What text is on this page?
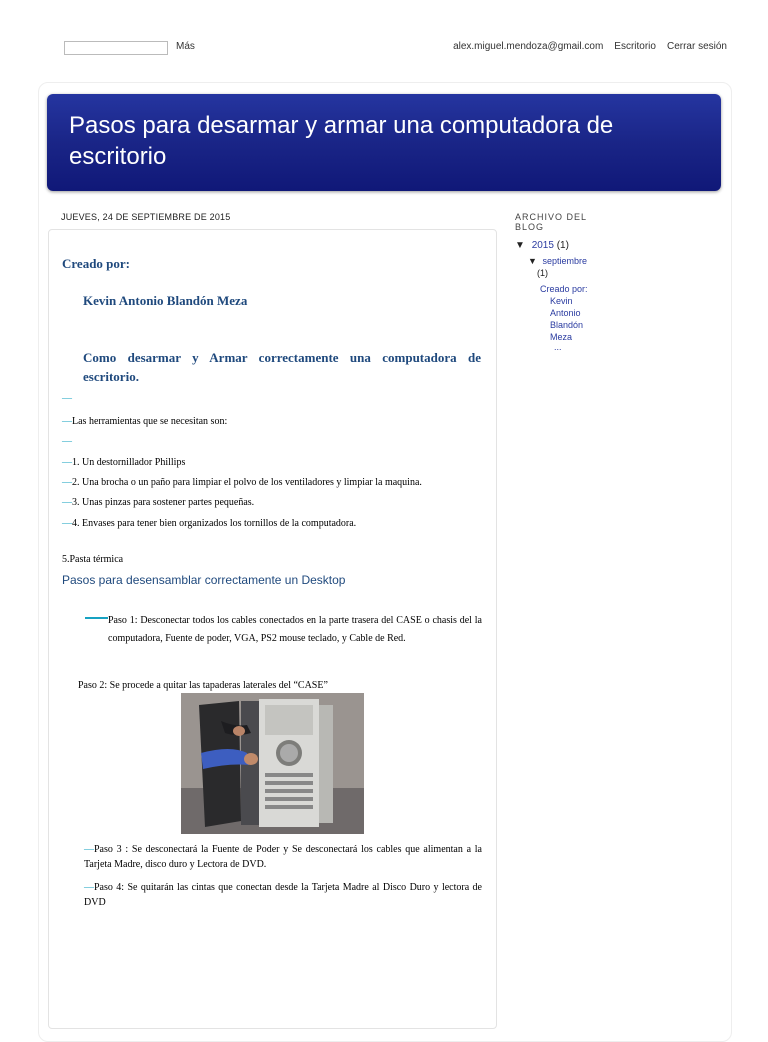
Más	alex.miguel.mendoza@gmail.com Escritorio Cerrar sesión
Pasos para desarmar y armar una computadora de escritorio
JUEVES, 24 DE SEPTIEMBRE DE 2015
Creado por:
Kevin Antonio Blandón Meza
Como desarmar y Armar correctamente una computadora de escritorio.
—
—Las herramientas que se necesitan son:
—
—1. Un destornillador Phillips
—2. Una brocha o un paño para limpiar el polvo de los ventiladores y limpiar la maquina.
—3. Unas pinzas para sostener partes pequeñas.
—4. Envases para tener bien organizados los tornillos de la computadora.
5.Pasta térmica
Pasos para desensamblar correctamente un Desktop
Paso 1: Desconectar todos los cables conectados en la parte trasera del CASE o chasis del la computadora, Fuente de poder, VGA, PS2 mouse teclado, y Cable de Red.
Paso 2: Se procede a quitar las tapaderas laterales del “CASE”
—Paso 3 : Se desconectará la Fuente de Poder y Se desconectará los cables que alimentan a la Tarjeta Madre, disco duro y Lectora de DVD.
—Paso 4: Se quitarán las cintas que conectan desde la Tarjeta Madre al Disco Duro y lectora de DVD
ARCHIVO DEL BLOG
▼ 2015 (1)
▼ septiembre
(1)
Creado por:
Kevin
Antonio
Blandón
Meza
...
